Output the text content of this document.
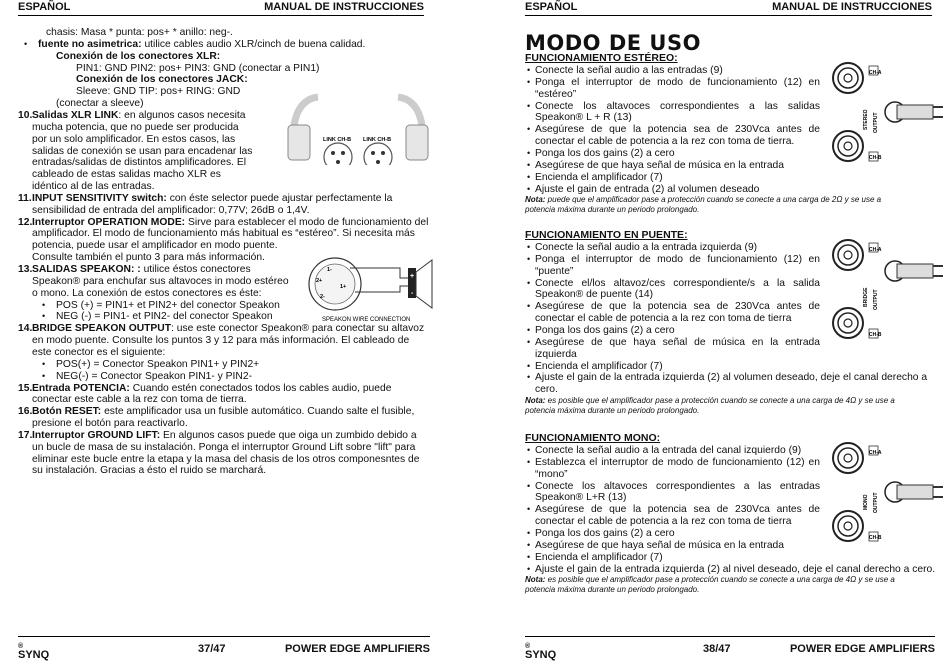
ESPAÑOL	MANUAL DE INSTRUCCIONES
chasis: Masa * punta: pos+ * anillo: neg-.
• fuente no asimetrica: utilice cables audio XLR/cinch de buena calidad.
Conexión de los conectores XLR:
PIN1: GND PIN2: pos+ PIN3: GND (conectar a PIN1)
Conexión de los conectores JACK:
Sleeve: GND TIP: pos+ RING: GND
(conectar a sleeve)
10. Salidas XLR LINK: en algunos casos necesita
mucha potencia, que no puede ser producida
por un solo amplificador. En estos casos, las
salidas de conexión se usan para encadenar las
entradas/salidas de distintos amplificadores. El
cableado de estas salidas macho XLR es
idéntico al de las entradas.
11. INPUT SENSITIVITY switch: con éste selector puede ajustar perfectamente la
sensibilidad de entrada del amplificador: 0,77V; 26dB o 1,4V.
12. Interruptor OPERATION MODE: Sirve para establecer el modo de funcionamiento del
amplificador. El modo de funcionamiento más habitual es “estéreo”. Si necesita más
potencia, puede usar el amplificador en modo puente.
Consulte también el punto 3 para más información.
13. SALIDAS SPEAKON: : utilice éstos conectores
Speakon® para enchufar sus altavoces in modo estéreo
o mono. La conexión de estos conectores es éste:
• POS (+) = PIN1+ et PIN2+ del conector Speakon
• NEG (-) = PIN1- et PIN2- del conector Speakon
14. BRIDGE SPEAKON OUTPUT: use este conector Speakon® para conectar su altavoz
en modo puente. Consulte los puntos 3 y 12 para más información. El cableado de
este conector es el siguiente:
• POS(+) = Conector Speakon PIN1+ y PIN2+
• NEG(-) = Conector Speakon PIN1- y PIN2-
15. Entrada POTENCIA: Cuando estén conectados todos los cables audio, puede
conectar este cable a la rez con toma de tierra.
16. Botón RESET: este amplificador usa un fusible automático. Cuando salte el fusible,
presione el botón para reactivarlo.
17. Interruptor GROUND LIFT: En algunos casos puede que oiga un zumbido debido a
un bucle de masa de su instalación. Ponga el interruptor Ground Lift sobre "lift" para
eliminar este bucle entre la etapa y la masa del chasis de los otros componesntes de
su instalación. Gracias a ésto el ruido se marchará.
LINK CH-B LINK CH-B
1-
2+
1+
2-
+
-
SPEAKON WIRE CONNECTION
SYNQ
®	37/47	POWER EDGE AMPLIFIERS
ESPAÑOL	MANUAL DE INSTRUCCIONES
MODO DE USO
FUNCIONAMIENTO ESTÉREO:
• Conecte la señal audio a las entradas (9)
• Ponga el interruptor de modo de funcionamiento (12) en
“estéreo”
• Conecte los altavoces correspondientes a las salidas
Speakon® L + R (13)
• Asegúrese de que la potencia sea de 230Vca antes de
conectar el cable de potencia a la rez con toma de tierra.
• Ponga los dos gains (2) a cero
• Asegúrese de que haya señal de música en la entrada
• Encienda el amplificador (7)
• Ajuste el gain de entrada (2) al volumen deseado
Nota: puede que el amplificador pase a protección cuando se conecte a una carga de 2Ω y se use a
potencia máxima durante un periodo prolongado.
FUNCIONAMIENTO EN PUENTE:
• Conecte la señal audio a la entrada izquierda (9)
• Ponga el interruptor de modo de funcionamiento (12) en
“puente”
• Conecte el/los altavoz/ces correspondiente/s a la salida
Speakon® de puente (14)
• Asegúrese de que la potencia sea de 230Vca antes de
conectar el cable de potencia a la rez con toma de tierra
• Ponga los dos gains (2) a cero
• Asegúrese de que haya señal de música en la entrada
izquierda
• Encienda el amplificador (7)
• Ajuste el gain de la entrada izquierda (2) al volumen deseado, deje el canal derecho a
cero.
Nota: es posible que el amplificador pase a protección cuando se conecte a una carga de 4Ω y se use a
potencia máxima durante un periodo prolongado.
FUNCIONAMIENTO MONO:
• Conecte la señal audio a la entrada del canal izquierdo (9)
• Establezca el interruptor de modo de funcionamiento (12) en
“mono”
• Conecte los altavoces correspondientes a las entradas
Speakon® L+R (13)
• Asegúrese de que la potencia sea de 230Vca antes de
conectar el cable de potencia a la rez con toma de tierra
• Ponga los dos gains (2) a cero
• Asegúrese de que haya señal de música en la entrada
• Encienda el amplificador (7)
• Ajuste el gain de la entrada izquierda (2) al nivel deseado, deje el canal derecho a cero.
Nota: es posible que el amplificador pase a protección cuando se conecte a una carga de 4Ω y se use a
potencia máxima durante un periodo prolongado.
CH-A
CH-B
STEREO OUTPUT
CH-A
CH-B
BRIDGE OUTPUT
CH-A
CH-B
MONO OUTPUT
SYNQ
®	38/47	POWER EDGE AMPLIFIERS
